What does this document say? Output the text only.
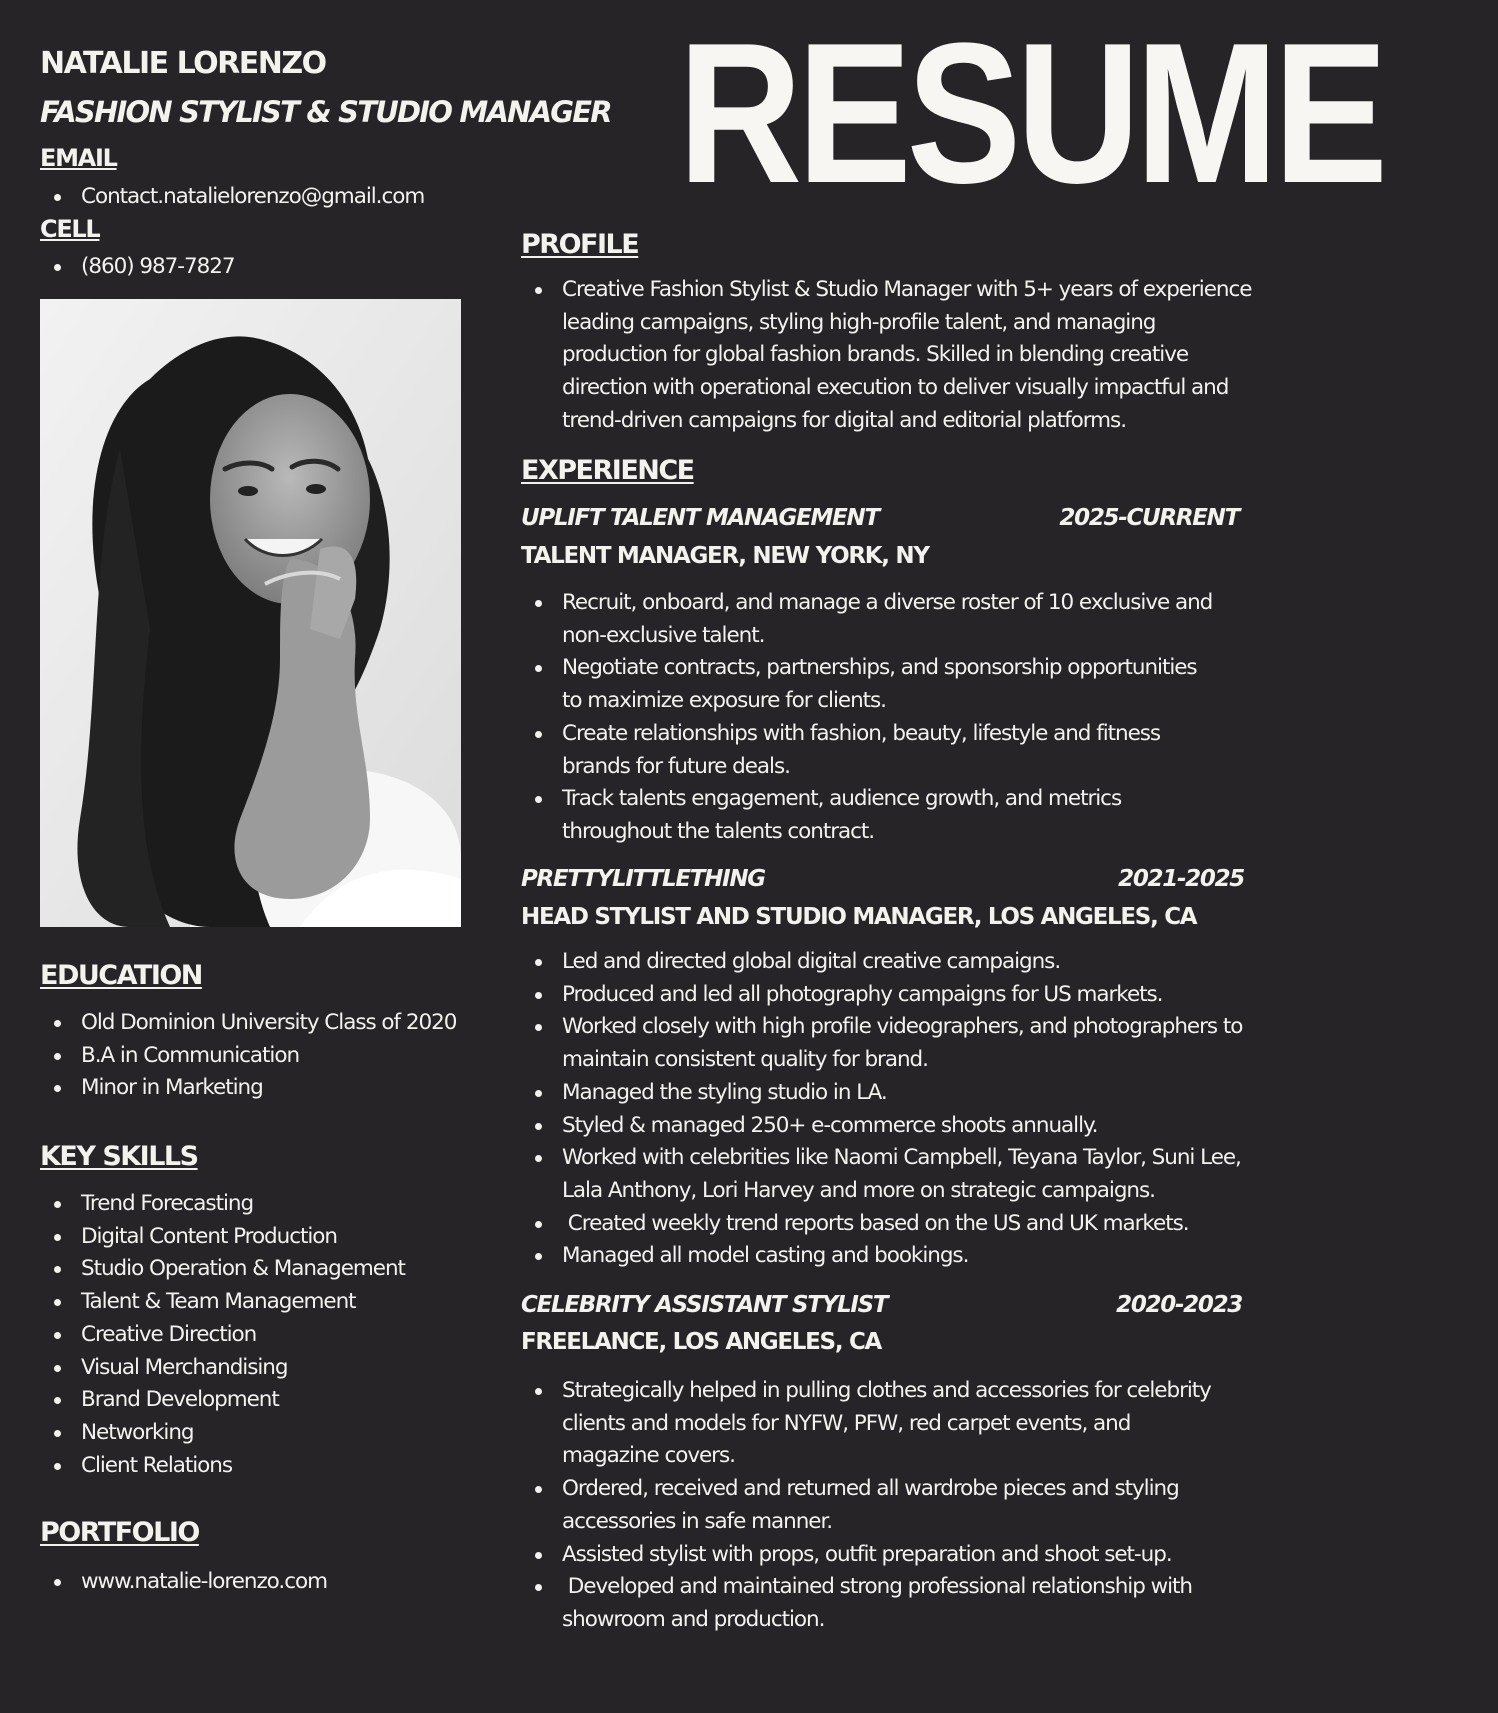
NATALIE LORENZO
FASHION STYLIST & STUDIO MANAGER RESUME
EMAIL
Contact.natalielorenzo@gmail.com
CELL
(860) 987-7827
EDUCATION
Old Dominion University Class of 2020
B.A in Communication
Minor in Marketing
KEY SKILLS
Trend Forecasting
Digital Content Production
Studio Operation & Management
Talent & Team Management
Creative Direction
Visual Merchandising
Brand Development
Networking
Client Relations
PORTFOLIO
www.natalie-lorenzo.com
PROFILE
Creative Fashion Stylist & Studio Manager with 5+ years of experience
leading campaigns, styling high-profile talent, and managing
production for global fashion brands. Skilled in blending creative
direction with operational execution to deliver visually impactful and
trend-driven campaigns for digital and editorial platforms.
EXPERIENCE
UPLIFT TALENT MANAGEMENT	2025-CURRENT
TALENT MANAGER, NEW YORK, NY
Recruit, onboard, and manage a diverse roster of 10 exclusive and
non-exclusive talent.
Negotiate contracts, partnerships, and sponsorship opportunities
to maximize exposure for clients.
Create relationships with fashion, beauty, lifestyle and fitness
brands for future deals.
Track talents engagement, audience growth, and metrics
throughout the talents contract.
PRETTYLITTLETHING	2021-2025
HEAD STYLIST AND STUDIO MANAGER, LOS ANGELES, CA
Led and directed global digital creative campaigns.
Produced and led all photography campaigns for US markets.
Worked closely with high profile videographers, and photographers to
maintain consistent quality for brand.
Managed the styling studio in LA.
Styled & managed 250+ e-commerce shoots annually.
Worked with celebrities like Naomi Campbell, Teyana Taylor, Suni Lee,
Lala Anthony, Lori Harvey and more on strategic campaigns.
Created weekly trend reports based on the US and UK markets.
Managed all model casting and bookings.
CELEBRITY ASSISTANT STYLIST	2020-2023
FREELANCE, LOS ANGELES, CA
Strategically helped in pulling clothes and accessories for celebrity
clients and models for NYFW, PFW, red carpet events, and
magazine covers.
Ordered, received and returned all wardrobe pieces and styling
accessories in safe manner.
Assisted stylist with props, outfit preparation and shoot set-up.
Developed and maintained strong professional relationship with
showroom and production.
